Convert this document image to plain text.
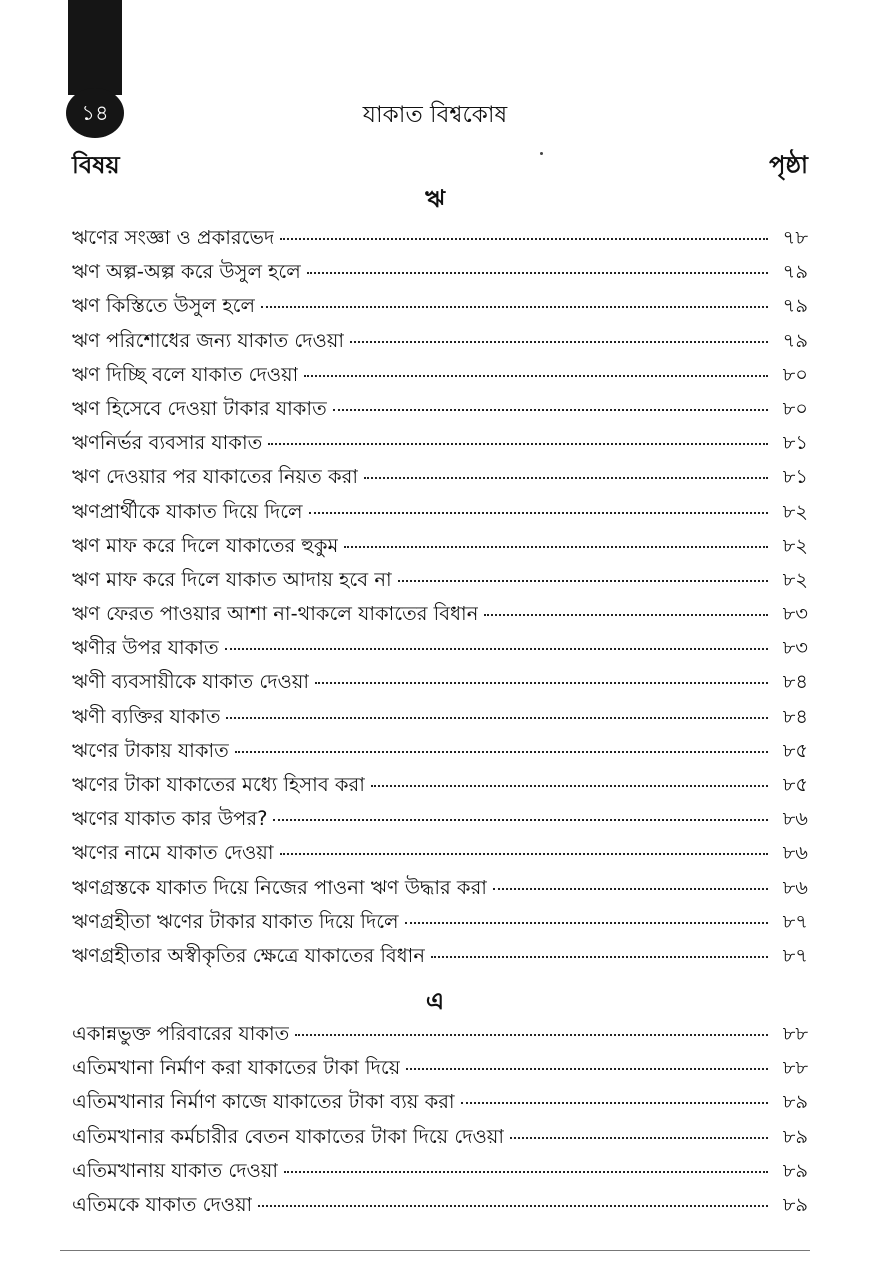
১৪	যাকাত বিশ্বকোষ
বিষয়	পৃষ্ঠা
ঋ
ঋণের সংজ্ঞা ও প্রকারভেদ	৭৮
ঋণ অল্প-অল্প করে উসুল হলে	৭৯
ঋণ কিস্তিতে উসুল হলে	৭৯
ঋণ পরিশোধের জন্য যাকাত দেওয়া	৭৯
ঋণ দিচ্ছি বলে যাকাত দেওয়া	৮০
ঋণ হিসেবে দেওয়া টাকার যাকাত	৮০
ঋণনির্ভর ব্যবসার যাকাত	৮১
ঋণ দেওয়ার পর যাকাতের নিয়ত করা	৮১
ঋণপ্রার্থীকে যাকাত দিয়ে দিলে	৮২
ঋণ মাফ করে দিলে যাকাতের হুকুম	৮২
ঋণ মাফ করে দিলে যাকাত আদায় হবে না	৮২
ঋণ ফেরত পাওয়ার আশা না-থাকলে যাকাতের বিধান	৮৩
ঋণীর উপর যাকাত	৮৩
ঋণী ব্যবসায়ীকে যাকাত দেওয়া	৮৪
ঋণী ব্যক্তির যাকাত	৮৪
ঋণের টাকায় যাকাত	৮৫
ঋণের টাকা যাকাতের মধ্যে হিসাব করা	৮৫
ঋণের যাকাত কার উপর?	৮৬
ঋণের নামে যাকাত দেওয়া	৮৬
ঋণগ্রস্তকে যাকাত দিয়ে নিজের পাওনা ঋণ উদ্ধার করা	৮৬
ঋণগ্রহীতা ঋণের টাকার যাকাত দিয়ে দিলে	৮৭
ঋণগ্রহীতার অস্বীকৃতির ক্ষেত্রে যাকাতের বিধান	৮৭
এ
একান্নভুক্ত পরিবারের যাকাত	৮৮
এতিমখানা নির্মাণ করা যাকাতের টাকা দিয়ে	৮৮
এতিমখানার নির্মাণ কাজে যাকাতের টাকা ব্যয় করা	৮৯
এতিমখানার কর্মচারীর বেতন যাকাতের টাকা দিয়ে দেওয়া	৮৯
এতিমখানায় যাকাত দেওয়া	৮৯
এতিমকে যাকাত দেওয়া	৮৯
